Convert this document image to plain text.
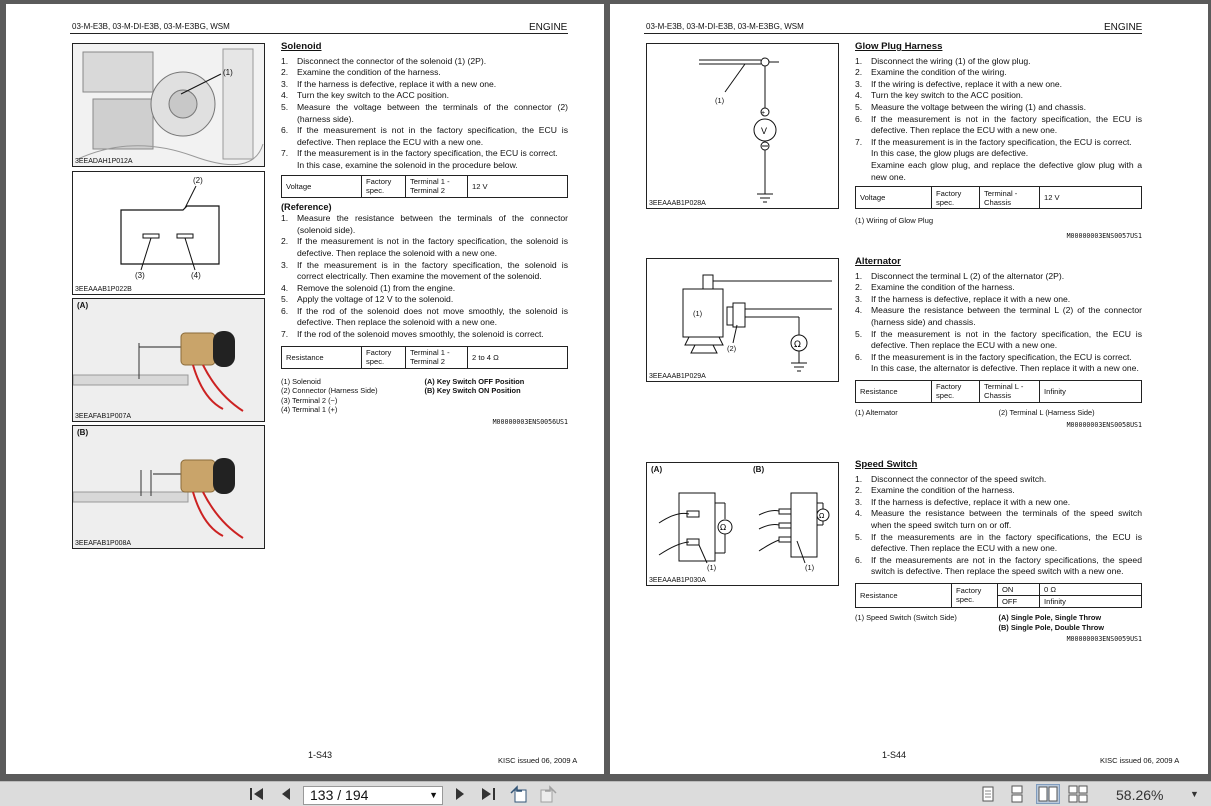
03-M-E3B, 03-M-DI-E3B, 03-M-E3BG, WSM	ENGINE
(1)
3EEADAH1P012A
(2)
(3)	(4)
3EEAAAB1P022B
(A)
3EEAFAB1P007A
(B)
3EEAFAB1P008A
Solenoid
1. Disconnect the connector of the solenoid (1) (2P).
2. Examine the condition of the harness.
3. If the harness is defective, replace it with a new one.
4. Turn the key switch to the ACC position.
5. Measure the voltage between the terminals of the connector (2) (harness side).
6. If the measurement is not in the factory specification, the ECU is defective. Then replace the ECU with a new one.
7. If the measurement is in the factory specification, the ECU is correct.
In this case, examine the solenoid in the procedure below.
Voltage	Factory spec.	Terminal 1 - Terminal 2	12 V
(Reference)
1. Measure the resistance between the terminals of the connector (solenoid side).
2. If the measurement is not in the factory specification, the solenoid is defective. Then replace the solenoid with a new one.
3. If the measurement is in the factory specification, the solenoid is correct electrically. Then examine the movement of the solenoid.
4. Remove the solenoid (1) from the engine.
5. Apply the voltage of 12 V to the solenoid.
6. If the rod of the solenoid does not move smoothly, the solenoid is defective. Then replace the solenoid with a new one.
7. If the rod of the solenoid moves smoothly, the solenoid is correct.
Resistance	Factory spec.	Terminal 1 - Terminal 2	2 to 4 Ω
(1) Solenoid
(2) Connector (Harness Side)
(3) Terminal 2 (−)
(4) Terminal 1 (+)
(A) Key Switch OFF Position
(B) Key Switch ON Position
M00000003ENS0056US1
1-S43
KISC issued 06, 2009 A
03-M-E3B, 03-M-DI-E3B, 03-M-E3BG, WSM	ENGINE
+
V
(1)
3EEAAAB1P028A
Ω
(1)
(2)
3EEAAAB1P029A
Ω
Ω
(A)	(B)
(1)	(1)
3EEAAAB1P030A
Glow Plug Harness
1. Disconnect the wiring (1) of the glow plug.
2. Examine the condition of the wiring.
3. If the wiring is defective, replace it with a new one.
4. Turn the key switch to the ACC position.
5. Measure the voltage between the wiring (1) and chassis.
6. If the measurement is not in the factory specification, the ECU is defective. Then replace the ECU with a new one.
7. If the measurement is in the factory specification, the ECU is correct.
In this case, the glow plugs are defective.
Examine each glow plug, and replace the defective glow plug with a new one.
Voltage	Factory spec.	Terminal - Chassis	12 V
(1) Wiring of Glow Plug
M00000003ENS0057US1
Alternator
1. Disconnect the terminal L (2) of the alternator (2P).
2. Examine the condition of the harness.
3. If the harness is defective, replace it with a new one.
4. Measure the resistance between the terminal L (2) of the connector (harness side) and chassis.
5. If the measurement is not in the factory specification, the ECU is defective. Then replace the ECU with a new one.
6. If the measurement is in the factory specification, the ECU is correct.
In this case, the alternator is defective. Then replace it with a new one.
Resistance	Factory spec.	Terminal L - Chassis	Infinity
(1) Alternator	(2) Terminal L (Harness Side)
M00000003ENS0058US1
Speed Switch
1. Disconnect the connector of the speed switch.
2. Examine the condition of the harness.
3. If the harness is defective, replace it with a new one.
4. Measure the resistance between the terminals of the speed switch when the speed switch turn on or off.
5. If the measurements are in the factory specifications, the ECU is defective. Then replace the ECU with a new one.
6. If the measurements are not in the factory specifications, the speed switch is defective. Then replace the speed switch with a new one.
Resistance	Factory spec.	ON	0 Ω
		OFF	Infinity
(1) Speed Switch (Switch Side)	(A) Single Pole, Single Throw
(B) Single Pole, Double Throw
M00000003ENS0059US1
1-S44
KISC issued 06, 2009 A
133 / 194	▼	58.26%	▼
